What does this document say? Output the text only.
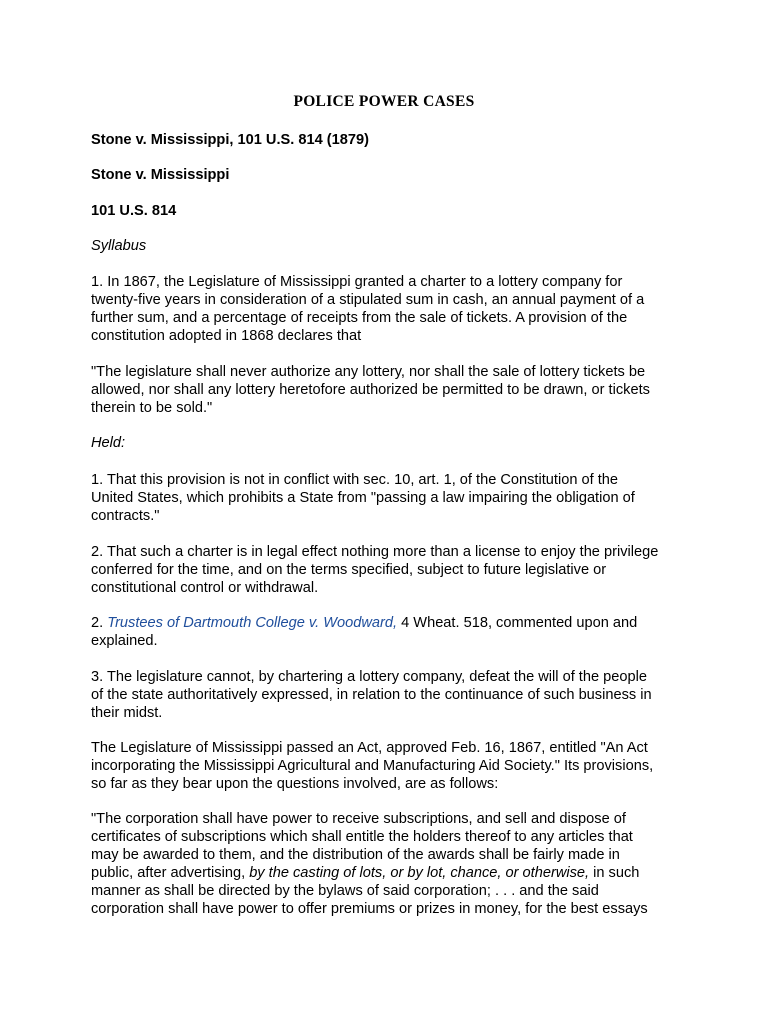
POLICE POWER CASES
Stone v. Mississippi, 101 U.S. 814 (1879)
Stone v. Mississippi
101 U.S. 814
Syllabus
1. In 1867, the Legislature of Mississippi granted a charter to a lottery company for
twenty-five years in consideration of a stipulated sum in cash, an annual payment of a
further sum, and a percentage of receipts from the sale of tickets. A provision of the
constitution adopted in 1868 declares that
"The legislature shall never authorize any lottery, nor shall the sale of lottery tickets be
allowed, nor shall any lottery heretofore authorized be permitted to be drawn, or tickets
therein to be sold."
Held:
1. That this provision is not in conflict with sec. 10, art. 1, of the Constitution of the
United States, which prohibits a State from "passing a law impairing the obligation of
contracts."
2. That such a charter is in legal effect nothing more than a license to enjoy the privilege
conferred for the time, and on the terms specified, subject to future legislative or
constitutional control or withdrawal.
2. Trustees of Dartmouth College v. Woodward, 4 Wheat. 518, commented upon and
explained.
3. The legislature cannot, by chartering a lottery company, defeat the will of the people
of the state authoritatively expressed, in relation to the continuance of such business in
their midst.
The Legislature of Mississippi passed an Act, approved Feb. 16, 1867, entitled "An Act
incorporating the Mississippi Agricultural and Manufacturing Aid Society." Its provisions,
so far as they bear upon the questions involved, are as follows:
"The corporation shall have power to receive subscriptions, and sell and dispose of
certificates of subscriptions which shall entitle the holders thereof to any articles that
may be awarded to them, and the distribution of the awards shall be fairly made in
public, after advertising, by the casting of lots, or by lot, chance, or otherwise, in such
manner as shall be directed by the bylaws of said corporation; . . . and the said
corporation shall have power to offer premiums or prizes in money, for the best essays
